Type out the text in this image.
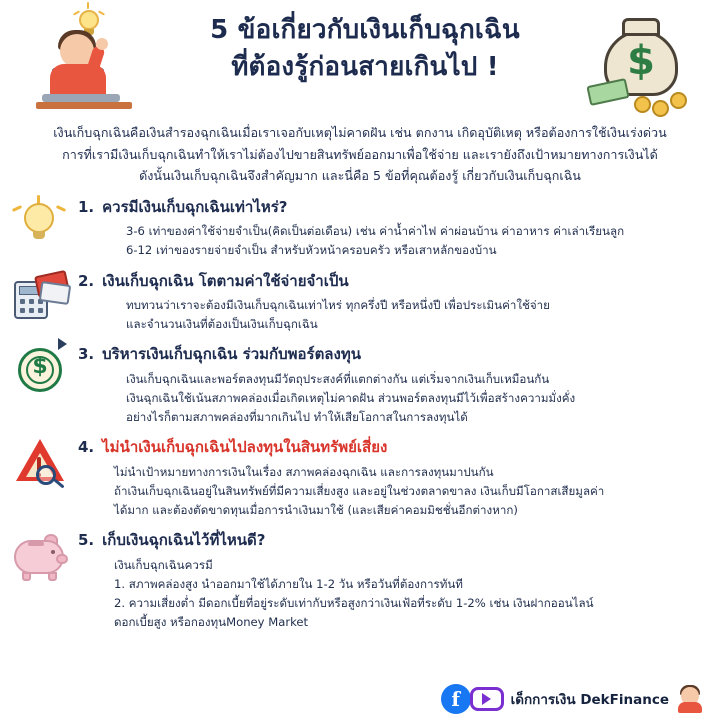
5 ข้อเกี่ยวกับเงินเก็บฉุกเฉิน
ที่ต้องรู้ก่อนสายเกินไป !	$
เงินเก็บฉุกเฉินคือเงินสำรองฉุกเฉินเมื่อเราเจอกับเหตุไม่คาดฝัน เช่น ตกงาน เกิดอุบัติเหตุ หรือต้องการใช้เงินเร่งด่วน
การที่เรามีเงินเก็บฉุกเฉินทำให้เราไม่ต้องไปขายสินทรัพย์ออกมาเพื่อใช้จ่าย และเรายังถึงเป้าหมายทางการเงินได้
ดังนั้นเงินเก็บฉุกเฉินจึงสำคัญมาก และนี่คือ 5 ข้อที่คุณต้องรู้ เกี่ยวกับเงินเก็บฉุกเฉิน
1. ควรมีเงินเก็บฉุกเฉินเท่าไหร่?

3-6 เท่าของค่าใช้จ่ายจำเป็น(คิดเป็นต่อเดือน) เช่น ค่าน้ำค่าไฟ ค่าผ่อนบ้าน ค่าอาหาร ค่าเล่าเรียนลูก

6-12 เท่าของรายจ่ายจำเป็น สำหรับหัวหน้าครอบครัว หรือเสาหลักของบ้าน

2. เงินเก็บฉุกเฉิน โตตามค่าใช้จ่ายจำเป็น

ทบทวนว่าเราจะต้องมีเงินเก็บฉุกเฉินเท่าไหร่ ทุกครึ่งปี หรือหนึ่งปี เพื่อประเมินค่าใช้จ่าย

และจำนวนเงินที่ต้องเป็นเงินเก็บฉุกเฉิน

$	3. บริหารเงินเก็บฉุกเฉิน ร่วมกับพอร์ตลงทุน

เงินเก็บฉุกเฉินและพอร์ตลงทุนมีวัตถุประสงค์ที่แตกต่างกัน แต่เริ่มจากเงินเก็บเหมือนกัน

เงินฉุกเฉินใช้เน้นสภาพคล่องเมื่อเกิดเหตุไม่คาดฝัน ส่วนพอร์ตลงทุนมีไว้เพื่อสร้างความมั่งคั่ง

อย่างไรก็ตามสภาพคล่องที่มากเกินไป ทำให้เสียโอกาสในการลงทุนได้

4. ไม่นำเงินเก็บฉุกเฉินไปลงทุนในสินทรัพย์เสี่ยง

ไม่นำเป้าหมายทางการเงินในเรื่อง สภาพคล่องฉุกเฉิน และการลงทุนมาปนกัน

ถ้าเงินเก็บฉุกเฉินอยู่ในสินทรัพย์ที่มีความเสี่ยงสูง และอยู่ในช่วงตลาดขาลง เงินเก็บมีโอกาสเสียมูลค่า

ได้มาก และต้องตัดขาดทุนเมื่อการนำเงินมาใช้ (และเสียค่าคอมมิชชั่นอีกต่างหาก)

5. เก็บเงินฉุกเฉินไว้ที่ไหนดี?

เงินเก็บฉุกเฉินควรมี

1. สภาพคล่องสูง นำออกมาใช้ได้ภายใน 1-2 วัน หรือวันที่ต้องการทันที

2. ความเสี่ยงต่ำ มีดอกเบี้ยที่อยู่ระดับเท่ากับหรือสูงกว่าเงินเฟ้อที่ระดับ 1-2% เช่น เงินฝากออนไลน์

ดอกเบี้ยสูง หรือกองทุนMoney Market

f	เด็กการเงิน DekFinance
